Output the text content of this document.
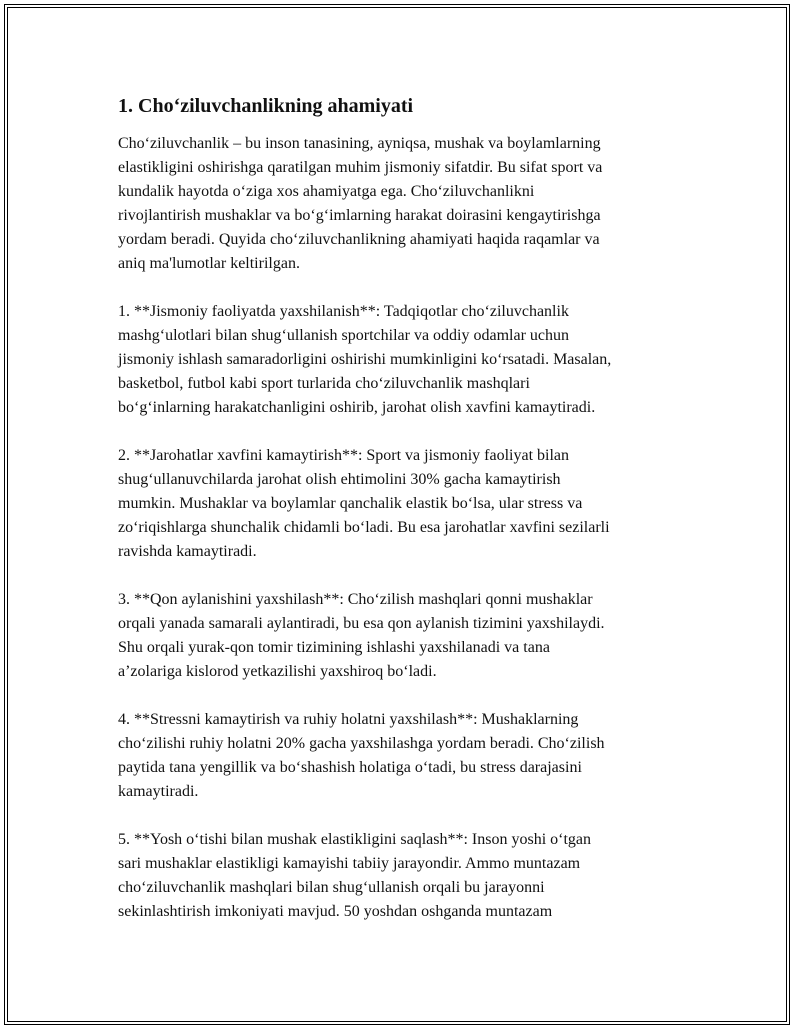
1. Cho‘ziluvchanlikning ahamiyati

Cho‘ziluvchanlik – bu inson tanasining, ayniqsa, mushak va boylamlarning
elastikligini oshirishga qaratilgan muhim jismoniy sifatdir. Bu sifat sport va
kundalik hayotda o‘ziga xos ahamiyatga ega. Cho‘ziluvchanlikni
rivojlantirish mushaklar va bo‘g‘imlarning harakat doirasini kengaytirishga
yordam beradi. Quyida cho‘ziluvchanlikning ahamiyati haqida raqamlar va
aniq ma'lumotlar keltirilgan.

1. **Jismoniy faoliyatda yaxshilanish**: Tadqiqotlar cho‘ziluvchanlik
mashg‘ulotlari bilan shug‘ullanish sportchilar va oddiy odamlar uchun
jismoniy ishlash samaradorligini oshirishi mumkinligini ko‘rsatadi. Masalan,
basketbol, futbol kabi sport turlarida cho‘ziluvchanlik mashqlari
bo‘g‘inlarning harakatchanligini oshirib, jarohat olish xavfini kamaytiradi.

2. **Jarohatlar xavfini kamaytirish**: Sport va jismoniy faoliyat bilan
shug‘ullanuvchilarda jarohat olish ehtimolini 30% gacha kamaytirish
mumkin. Mushaklar va boylamlar qanchalik elastik bo‘lsa, ular stress va
zo‘riqishlarga shunchalik chidamli bo‘ladi. Bu esa jarohatlar xavfini sezilarli
ravishda kamaytiradi.

3. **Qon aylanishini yaxshilash**: Cho‘zilish mashqlari qonni mushaklar
orqali yanada samarali aylantiradi, bu esa qon aylanish tizimini yaxshilaydi.
Shu orqali yurak-qon tomir tizimining ishlashi yaxshilanadi va tana
a’zolariga kislorod yetkazilishi yaxshiroq bo‘ladi.

4. **Stressni kamaytirish va ruhiy holatni yaxshilash**: Mushaklarning
cho‘zilishi ruhiy holatni 20% gacha yaxshilashga yordam beradi. Cho‘zilish
paytida tana yengillik va bo‘shashish holatiga o‘tadi, bu stress darajasini
kamaytiradi.

5. **Yosh o‘tishi bilan mushak elastikligini saqlash**: Inson yoshi o‘tgan
sari mushaklar elastikligi kamayishi tabiiy jarayondir. Ammo muntazam
cho‘ziluvchanlik mashqlari bilan shug‘ullanish orqali bu jarayonni
sekinlashtirish imkoniyati mavjud. 50 yoshdan oshganda muntazam
